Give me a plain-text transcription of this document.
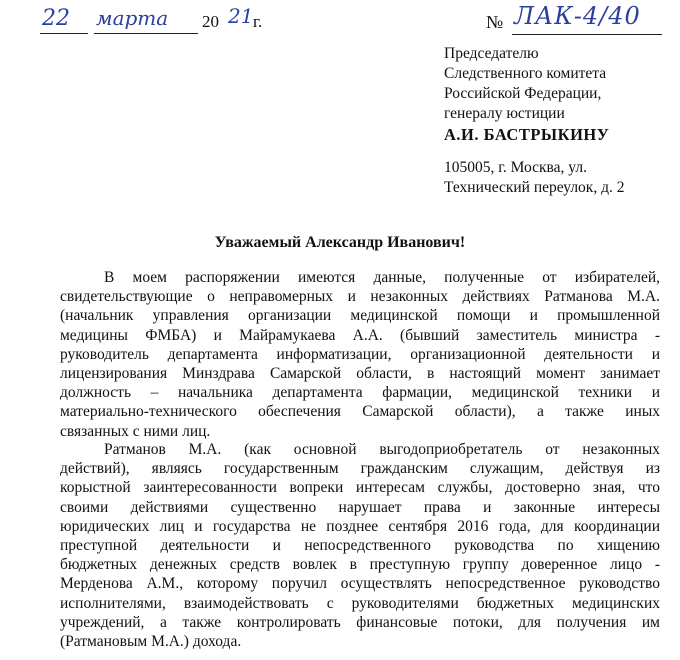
22 марта 20 21 г.	№ ЛАК-4/40
Председателю
Следственного комитета
Российской Федерации,
генералу юстиции
А.И. БАСТРЫКИНУ
105005, г. Москва, ул.
Технический переулок, д. 2
Уважаемый Александр Иванович!
В моем распоряжении имеются данные, полученные от избирателей,
свидетельствующие о неправомерных и незаконных действиях Ратманова М.А.
(начальник управления организации медицинской помощи и промышленной
медицины ФМБА) и Майрамукаева А.А. (бывший заместитель министра -
руководитель департамента информатизации, организационной деятельности и
лицензирования Минздрава Самарской области, в настоящий момент занимает
должность – начальника департамента фармации, медицинской техники и
материально-технического обеспечения Самарской области), а также иных
связанных с ними лиц.
Ратманов М.А. (как основной выгодоприобретатель от незаконных
действий), являясь государственным гражданским служащим, действуя из
корыстной заинтересованности вопреки интересам службы, достоверно зная, что
своими действиями существенно нарушает права и законные интересы
юридических лиц и государства не позднее сентября 2016 года, для координации
преступной деятельности и непосредственного руководства по хищению
бюджетных денежных средств вовлек в преступную группу доверенное лицо -
Мерденова А.М., которому поручил осуществлять непосредственное руководство
исполнителями, взаимодействовать с руководителями бюджетных медицинских
учреждений, а также контролировать финансовые потоки, для получения им
(Ратмановым М.А.) дохода.
